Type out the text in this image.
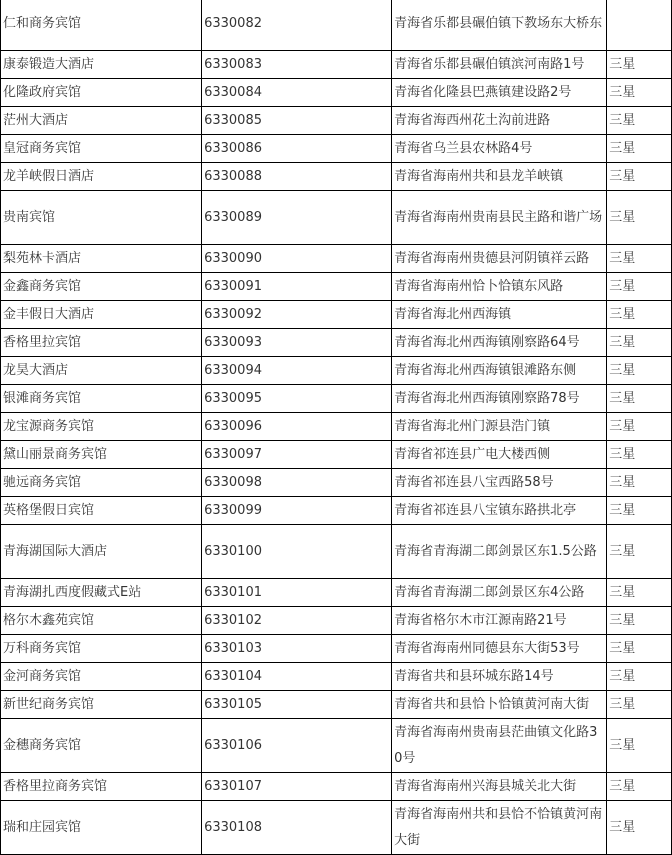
仁和商务宾馆	6330082	青海省乐都县碾伯镇下教场东大桥东	
康泰锻造大酒店	6330083	青海省乐都县碾伯镇滨河南路1号	三星
化隆政府宾馆	6330084	青海省化隆县巴燕镇建设路2号	三星
茫州大酒店	6330085	青海省海西州花土沟前进路	三星
皇冠商务宾馆	6330086	青海省乌兰县农林路4号	三星
龙羊峡假日酒店	6330088	青海省海南州共和县龙羊峡镇	三星
贵南宾馆	6330089	青海省海南州贵南县民主路和谐广场	三星
梨苑林卡酒店	6330090	青海省海南州贵德县河阴镇祥云路	三星
金鑫商务宾馆	6330091	青海省海南州恰卜恰镇东风路	三星
金丰假日大酒店	6330092	青海省海北州西海镇	三星
香格里拉宾馆	6330093	青海省海北州西海镇刚察路64号	三星
龙昊大酒店	6330094	青海省海北州西海镇银滩路东侧	三星
银滩商务宾馆	6330095	青海省海北州西海镇刚察路78号	三星
龙宝源商务宾馆	6330096	青海省海北州门源县浩门镇	三星
黛山丽景商务宾馆	6330097	青海省祁连县广电大楼西侧	三星
驰远商务宾馆	6330098	青海省祁连县八宝西路58号	三星
英格堡假日宾馆	6330099	青海省祁连县八宝镇东路拱北亭	三星
青海湖国际大酒店	6330100	青海省青海湖二郎剑景区东1.5公路	三星
青海湖扎西度假藏式E站	6330101	青海省青海湖二郎剑景区东4公路	三星
格尔木鑫苑宾馆	6330102	青海省格尔木市江源南路21号	三星
万科商务宾馆	6330103	青海省海南州同德县东大街53号	三星
金河商务宾馆	6330104	青海省共和县环城东路14号	三星
新世纪商务宾馆	6330105	青海省共和县恰卜恰镇黄河南大街	三星
金穗商务宾馆	6330106	青海省海南州贵南县茫曲镇文化路30号	三星
香格里拉商务宾馆	6330107	青海省海南州兴海县城关北大街	三星
瑞和庄园宾馆	6330108	青海省海南州共和县恰不恰镇黄河南大街	三星
